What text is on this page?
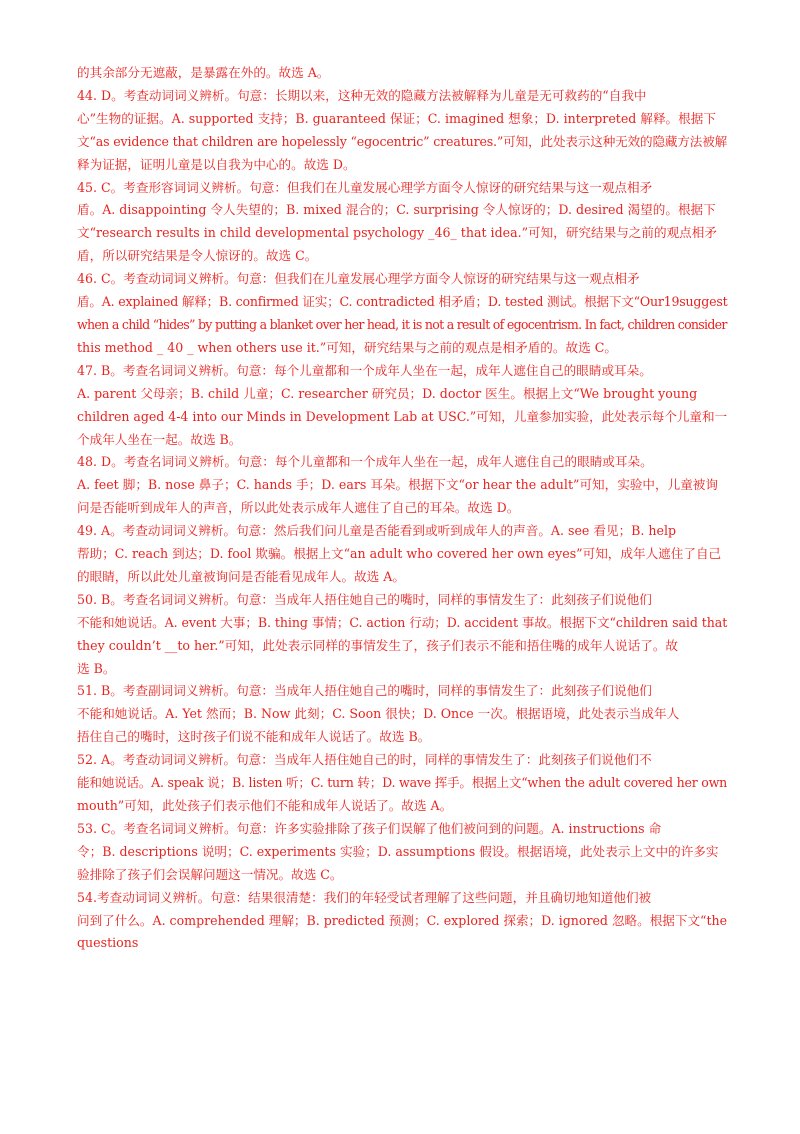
的其余部分无遮蔽，是暴露在外的。故选 A。
44. D。考查动词词义辨析。句意：长期以来，这种无效的隐藏方法被解释为儿童是无可救药的“自我中
心”生物的证据。A. supported 支持；B. guaranteed 保证；C. imagined 想象；D. interpreted 解释。根据下
文“as evidence that children are hopelessly “egocentric” creatures.”可知，此处表示这种无效的隐藏方法被解
释为证据，证明儿童是以自我为中心的。故选 D。
45. C。考查形容词词义辨析。句意：但我们在儿童发展心理学方面令人惊讶的研究结果与这一观点相矛
盾。A. disappointing 令人失望的；B. mixed 混合的；C. surprising 令人惊讶的；D. desired 渴望的。根据下
文“research results in child developmental psychology _46_ that idea.”可知，研究结果与之前的观点相矛
盾，所以研究结果是令人惊讶的。故选 C。
46. C。考查动词词义辨析。句意：但我们在儿童发展心理学方面令人惊讶的研究结果与这一观点相矛
盾。A. explained 解释；B. confirmed 证实；C. contradicted 相矛盾；D. tested 测试。根据下文“Our19suggest
when a child “hides” by putting a blanket over her head, it is not a result of egocentrism. In fact, children consider
this method _ 40 _ when others use it.”可知，研究结果与之前的观点是相矛盾的。故选 C。
47. B。考查名词词义辨析。句意：每个儿童都和一个成年人坐在一起，成年人遮住自己的眼睛或耳朵。
A. parent 父母亲；B. child 儿童；C. researcher 研究员；D. doctor 医生。根据上文“We brought young
children aged 4-4 into our Minds in Development Lab at USC.”可知，儿童参加实验，此处表示每个儿童和一
个成年人坐在一起。故选 B。
48. D。考查名词词义辨析。句意：每个儿童都和一个成年人坐在一起，成年人遮住自己的眼睛或耳朵。
A. feet 脚；B. nose 鼻子；C. hands 手；D. ears 耳朵。根据下文“or hear the adult”可知，实验中，儿童被询
问是否能听到成年人的声音，所以此处表示成年人遮住了自己的耳朵。故选 D。
49. A。考查动词词义辨析。句意：然后我们问儿童是否能看到或听到成年人的声音。A. see 看见；B. help
帮助；C. reach 到达；D. fool 欺骗。根据上文“an adult who covered her own eyes”可知，成年人遮住了自己
的眼睛，所以此处儿童被询问是否能看见成年人。故选 A。
50. B。考查名词词义辨析。句意：当成年人捂住她自己的嘴时，同样的事情发生了：此刻孩子们说他们
不能和她说话。A. event 大事；B. thing 事情；C. action 行动；D. accident 事故。根据下文“children said that
they couldn’t __to her.”可知，此处表示同样的事情发生了，孩子们表示不能和捂住嘴的成年人说话了。故
选 B。
51. B。考查副词词义辨析。句意：当成年人捂住她自己的嘴时，同样的事情发生了：此刻孩子们说他们
不能和她说话。A. Yet 然而；B. Now 此刻；C. Soon 很快；D. Once 一次。根据语境，此处表示当成年人
捂住自己的嘴时，这时孩子们说不能和成年人说话了。故选 B。
52. A。考查动词词义辨析。句意：当成年人捂住她自己的时，同样的事情发生了：此刻孩子们说他们不
能和她说话。A. speak 说；B. listen 听；C. turn 转；D. wave 挥手。根据上文“when the adult covered her own
mouth”可知，此处孩子们表示他们不能和成年人说话了。故选 A。
53. C。考查名词词义辨析。句意：许多实验排除了孩子们误解了他们被问到的问题。A. instructions 命
令；B. descriptions 说明；C. experiments 实验；D. assumptions 假设。根据语境，此处表示上文中的许多实
验排除了孩子们会误解问题这一情况。故选 C。
54.考查动词词义辨析。句意：结果很清楚：我们的年轻受试者理解了这些问题，并且确切地知道他们被
问到了什么。A. comprehended 理解；B. predicted 预测；C. explored 探索；D. ignored 忽略。根据下文“the
questions
